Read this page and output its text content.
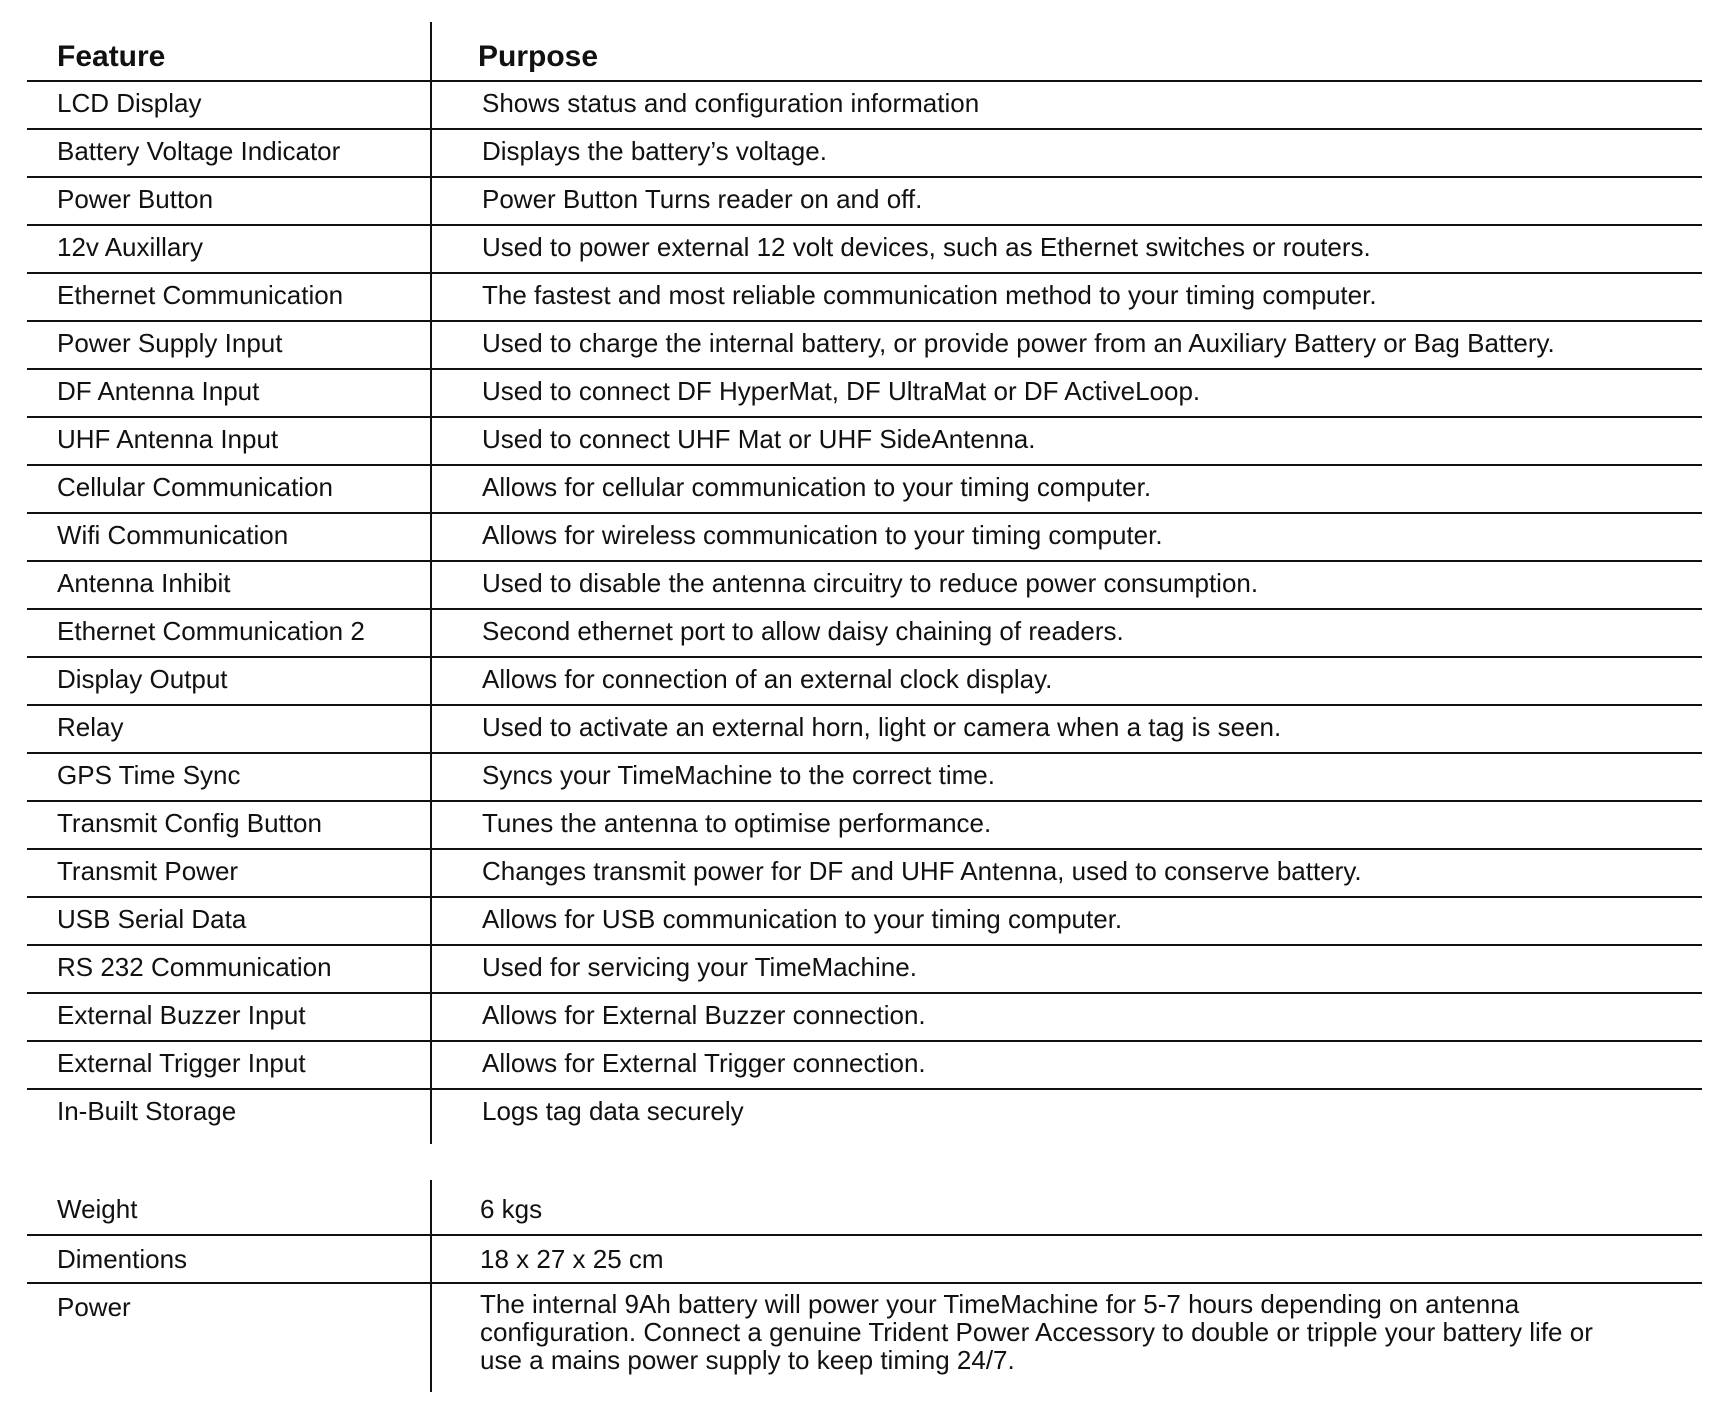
Feature	Purpose
LCD Display	Shows status and configuration information
Battery Voltage Indicator	Displays the battery’s voltage.
Power Button	Power Button Turns reader on and off.
12v Auxillary	Used to power external 12 volt devices, such as Ethernet switches or routers.
Ethernet Communication	The fastest and most reliable communication method to your timing computer.
Power Supply Input	Used to charge the internal battery, or provide power from an Auxiliary Battery or Bag Battery.
DF Antenna Input	Used to connect DF HyperMat, DF UltraMat or DF ActiveLoop.
UHF Antenna Input	Used to connect UHF Mat or UHF SideAntenna.
Cellular Communication	Allows for cellular communication to your timing computer.
Wifi Communication	Allows for wireless communication to your timing computer.
Antenna Inhibit	Used to disable the antenna circuitry to reduce power consumption.
Ethernet Communication 2	Second ethernet port to allow daisy chaining of readers.
Display Output	Allows for connection of an external clock display.
Relay	Used to activate an external horn, light or camera when a tag is seen.
GPS Time Sync	Syncs your TimeMachine to the correct time.
Transmit Config Button	Tunes the antenna to optimise performance.
Transmit Power	Changes transmit power for DF and UHF Antenna, used to conserve battery.
USB Serial Data	Allows for USB communication to your timing computer.
RS 232 Communication	Used for servicing your TimeMachine.
External Buzzer Input	Allows for External Buzzer connection.
External Trigger Input	Allows for External Trigger connection.
In-Built Storage	Logs tag data securely
Weight	6 kgs
Dimentions	18 x 27 x 25 cm
Power	The internal 9Ah battery will power your TimeMachine for 5-7 hours depending on antenna configuration. Connect a genuine Trident Power Accessory to double or tripple your battery life or use a mains power supply to keep timing 24/7.
